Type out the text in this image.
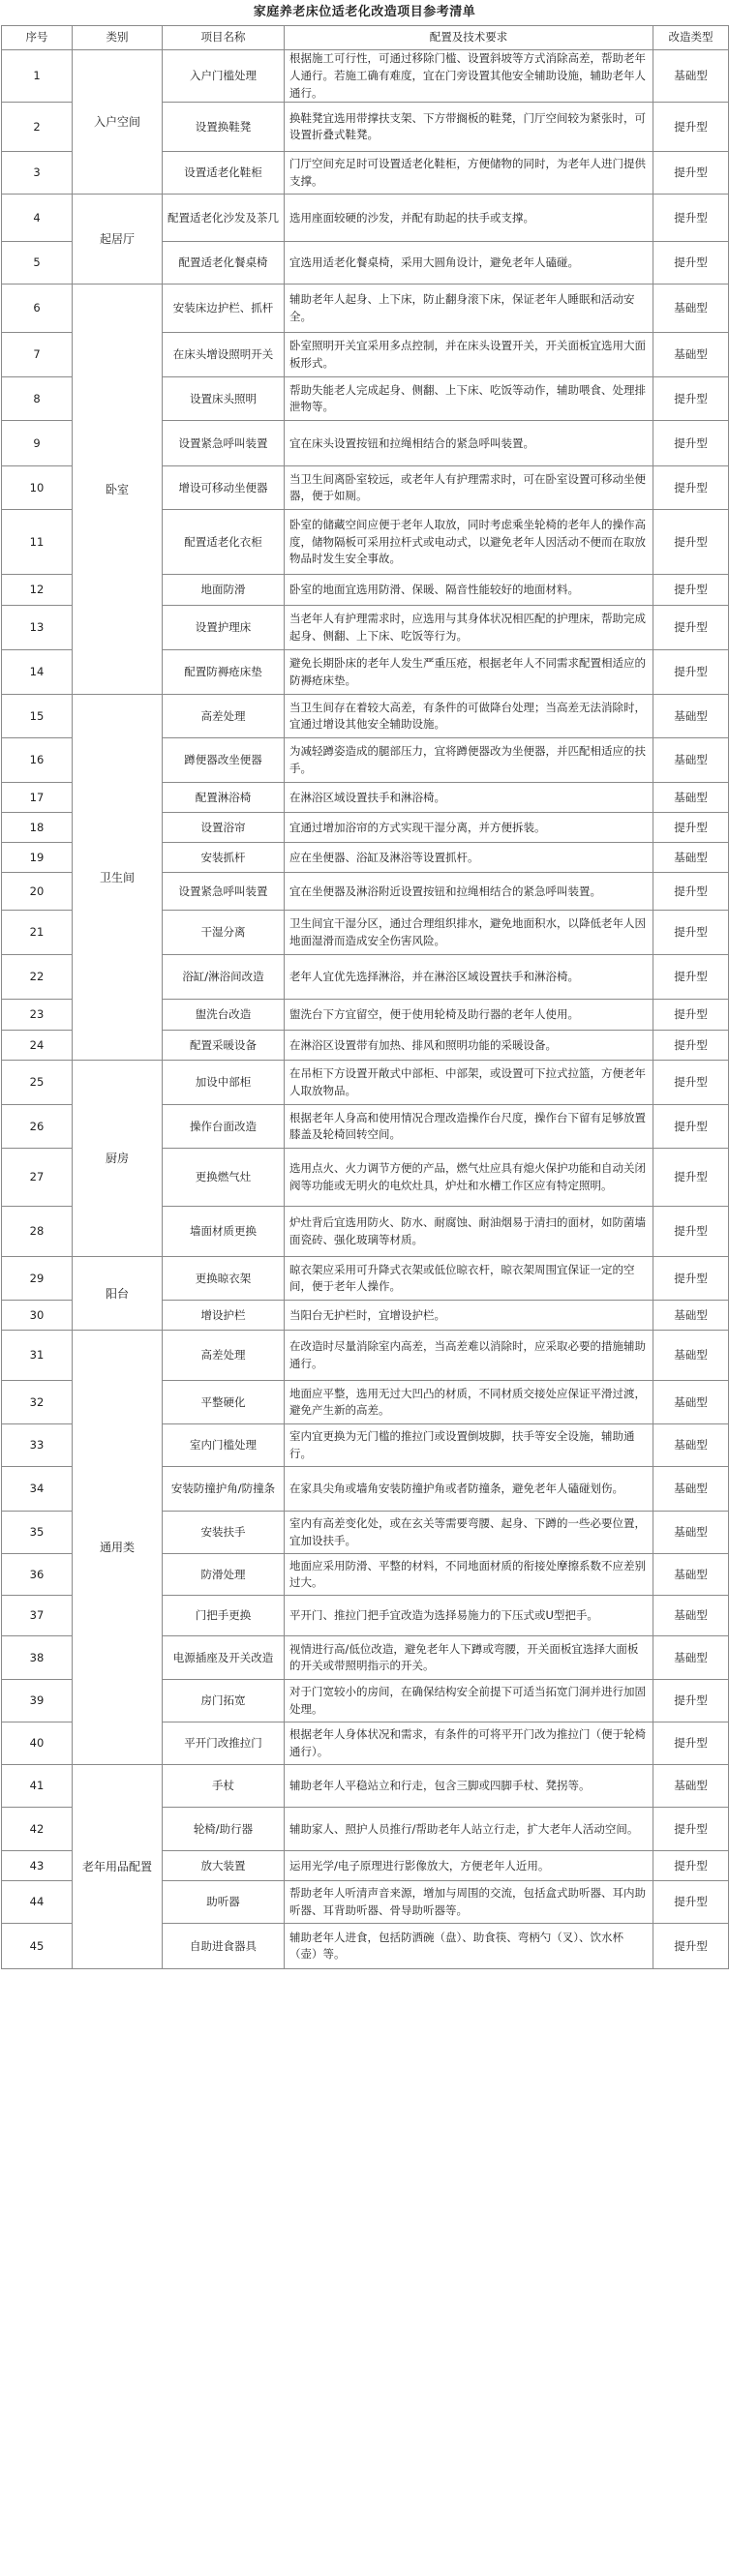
家庭养老床位适老化改造项目参考清单
序号	类别	项目名称	配置及技术要求	改造类型
1	入户空间	入户门槛处理	根据施工可行性，可通过移除门槛、设置斜坡等方式消除高差，帮助老年人通行。若施工确有难度，宜在门旁设置其他安全辅助设施，辅助老年人通行。	基础型
2		设置换鞋凳	换鞋凳宜选用带撑扶支架、下方带搁板的鞋凳，门厅空间较为紧张时，可设置折叠式鞋凳。	提升型
3		设置适老化鞋柜	门厅空间充足时可设置适老化鞋柜，方便储物的同时，为老年人进门提供支撑。	提升型
4	起居厅	配置适老化沙发及茶几	选用座面较硬的沙发，并配有助起的扶手或支撑。	提升型
5		配置适老化餐桌椅	宜选用适老化餐桌椅，采用大圆角设计，避免老年人磕碰。	提升型
6	卧室	安装床边护栏、抓杆	辅助老年人起身、上下床，防止翻身滚下床，保证老年人睡眠和活动安全。	基础型
7		在床头增设照明开关	卧室照明开关宜采用多点控制，并在床头设置开关，开关面板宜选用大面板形式。	基础型
8		设置床头照明	帮助失能老人完成起身、侧翻、上下床、吃饭等动作，辅助喂食、处理排泄物等。	提升型
9		设置紧急呼叫装置	宜在床头设置按钮和拉绳相结合的紧急呼叫装置。	提升型
10		增设可移动坐便器	当卫生间离卧室较远，或老年人有护理需求时，可在卧室设置可移动坐便器，便于如厕。	提升型
11		配置适老化衣柜	卧室的储藏空间应便于老年人取放，同时考虑乘坐轮椅的老年人的操作高度，储物隔板可采用拉杆式或电动式，以避免老年人因活动不便而在取放物品时发生安全事故。	提升型
12		地面防滑	卧室的地面宜选用防滑、保暖、隔音性能较好的地面材料。	提升型
13		设置护理床	当老年人有护理需求时，应选用与其身体状况相匹配的护理床，帮助完成起身、侧翻、上下床、吃饭等行为。	提升型
14		配置防褥疮床垫	避免长期卧床的老年人发生严重压疮，根据老年人不同需求配置相适应的防褥疮床垫。	提升型
15	卫生间	高差处理	当卫生间存在着较大高差，有条件的可做降台处理；当高差无法消除时，宜通过增设其他安全辅助设施。	基础型
16		蹲便器改坐便器	为减轻蹲姿造成的腿部压力，宜将蹲便器改为坐便器，并匹配相适应的扶手。	基础型
17		配置淋浴椅	在淋浴区域设置扶手和淋浴椅。	基础型
18		设置浴帘	宜通过增加浴帘的方式实现干湿分离，并方便拆装。	提升型
19		安装抓杆	应在坐便器、浴缸及淋浴等设置抓杆。	基础型
20		设置紧急呼叫装置	宜在坐便器及淋浴附近设置按钮和拉绳相结合的紧急呼叫装置。	提升型
21		干湿分离	卫生间宜干湿分区，通过合理组织排水，避免地面积水，以降低老年人因地面湿滑而造成安全伤害风险。	提升型
22		浴缸/淋浴间改造	老年人宜优先选择淋浴，并在淋浴区域设置扶手和淋浴椅。	提升型
23		盥洗台改造	盥洗台下方宜留空，便于使用轮椅及助行器的老年人使用。	提升型
24		配置采暖设备	在淋浴区设置带有加热、排风和照明功能的采暖设备。	提升型
25	厨房	加设中部柜	在吊柜下方设置开敞式中部柜、中部架，或设置可下拉式拉篮，方便老年人取放物品。	提升型
26		操作台面改造	根据老年人身高和使用情况合理改造操作台尺度，操作台下留有足够放置膝盖及轮椅回转空间。	提升型
27		更换燃气灶	选用点火、火力调节方便的产品，燃气灶应具有熄火保护功能和自动关闭阀等功能或无明火的电炊灶具，炉灶和水槽工作区应有特定照明。	提升型
28		墙面材质更换	炉灶背后宜选用防火、防水、耐腐蚀、耐油烟易于清扫的面材，如防菌墙面瓷砖、强化玻璃等材质。	提升型
29	阳台	更换晾衣架	晾衣架应采用可升降式衣架或低位晾衣杆，晾衣架周围宜保证一定的空间，便于老年人操作。	提升型
30		增设护栏	当阳台无护栏时，宜增设护栏。	基础型
31	通用类	高差处理	在改造时尽量消除室内高差，当高差难以消除时，应采取必要的措施辅助通行。	基础型
32		平整硬化	地面应平整，选用无过大凹凸的材质，不同材质交接处应保证平滑过渡，避免产生新的高差。	基础型
33		室内门槛处理	室内宜更换为无门槛的推拉门或设置倒坡脚，扶手等安全设施，辅助通行。	基础型
34		安装防撞护角/防撞条	在家具尖角或墙角安装防撞护角或者防撞条，避免老年人磕碰划伤。	基础型
35		安装扶手	室内有高差变化处，或在玄关等需要弯腰、起身、下蹲的一些必要位置，宜加设扶手。	基础型
36		防滑处理	地面应采用防滑、平整的材料，不同地面材质的衔接处摩擦系数不应差别过大。	基础型
37		门把手更换	平开门、推拉门把手宜改造为选择易施力的下压式或U型把手。	基础型
38		电源插座及开关改造	视情进行高/低位改造，避免老年人下蹲或弯腰，开关面板宜选择大面板的开关或带照明指示的开关。	基础型
39		房门拓宽	对于门宽较小的房间，在确保结构安全前提下可适当拓宽门洞并进行加固处理。	提升型
40		平开门改推拉门	根据老年人身体状况和需求，有条件的可将平开门改为推拉门（便于轮椅通行）。	提升型
41	老年用品配置	手杖	辅助老年人平稳站立和行走，包含三脚或四脚手杖、凳拐等。	基础型
42		轮椅/助行器	辅助家人、照护人员推行/帮助老年人站立行走，扩大老年人活动空间。	提升型
43		放大装置	运用光学/电子原理进行影像放大，方便老年人近用。	提升型
44		助听器	帮助老年人听清声音来源，增加与周围的交流，包括盒式助听器、耳内助听器、耳背助听器、骨导助听器等。	提升型
45		自助进食器具	辅助老年人进食，包括防洒碗（盘）、助食筷、弯柄勺（叉）、饮水杯（壶）等。	提升型
